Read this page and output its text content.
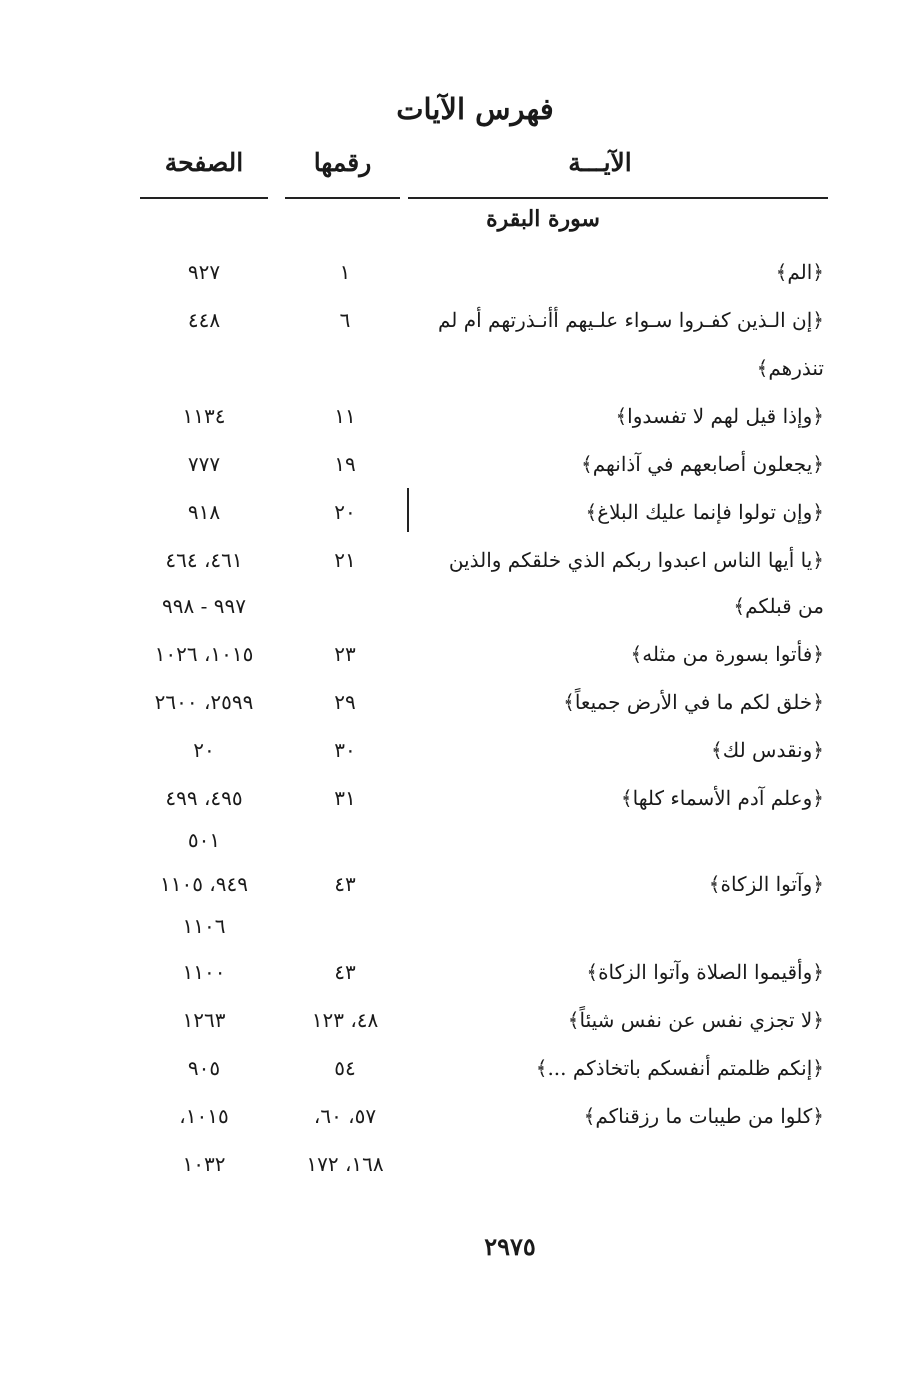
فهرس الآيات
الآيـــة
رقمها
الصفحة
سورة البقرة
﴿الم﴾
١
٩٢٧
﴿إن الـذين كفـروا سـواء علـيهم أأنـذرتهم أم لم
٦
٤٤٨
تنذرهم﴾
﴿وإذا قيل لهم لا تفسدوا﴾
١١
١١٣٤
﴿يجعلون أصابعهم في آذانهم﴾
١٩
٧٧٧
﴿وإن تولوا فإنما عليك البلاغ﴾
٢٠
٩١٨
﴿يا أيها الناس اعبدوا ربكم الذي خلقكم والذين
٢١
٤٦١، ٤٦٤
من قبلكم﴾
٩٩٧ - ٩٩٨
﴿فأتوا بسورة من مثله﴾
٢٣
١٠١٥، ١٠٢٦
﴿خلق لكم ما في الأرض جميعاً﴾
٢٩
٢٥٩٩، ٢٦٠٠
﴿ونقدس لك﴾
٣٠
٢٠
﴿وعلم آدم الأسماء كلها﴾
٣١
٤٩٥، ٤٩٩
٥٠١
﴿وآتوا الزكاة﴾
٤٣
٩٤٩، ١١٠٥
١١٠٦
﴿وأقيموا الصلاة وآتوا الزكاة﴾
٤٣
١١٠٠
﴿لا تجزي نفس عن نفس شيئاً﴾
٤٨، ١٢٣
١٢٦٣
﴿إنكم ظلمتم أنفسكم باتخاذكم ...﴾
٥٤
٩٠٥
﴿كلوا من طيبات ما رزقناكم﴾
٥٧، ٦٠،
١٠١٥،
١٦٨، ١٧٢
١٠٣٢
٢٩٧٥
